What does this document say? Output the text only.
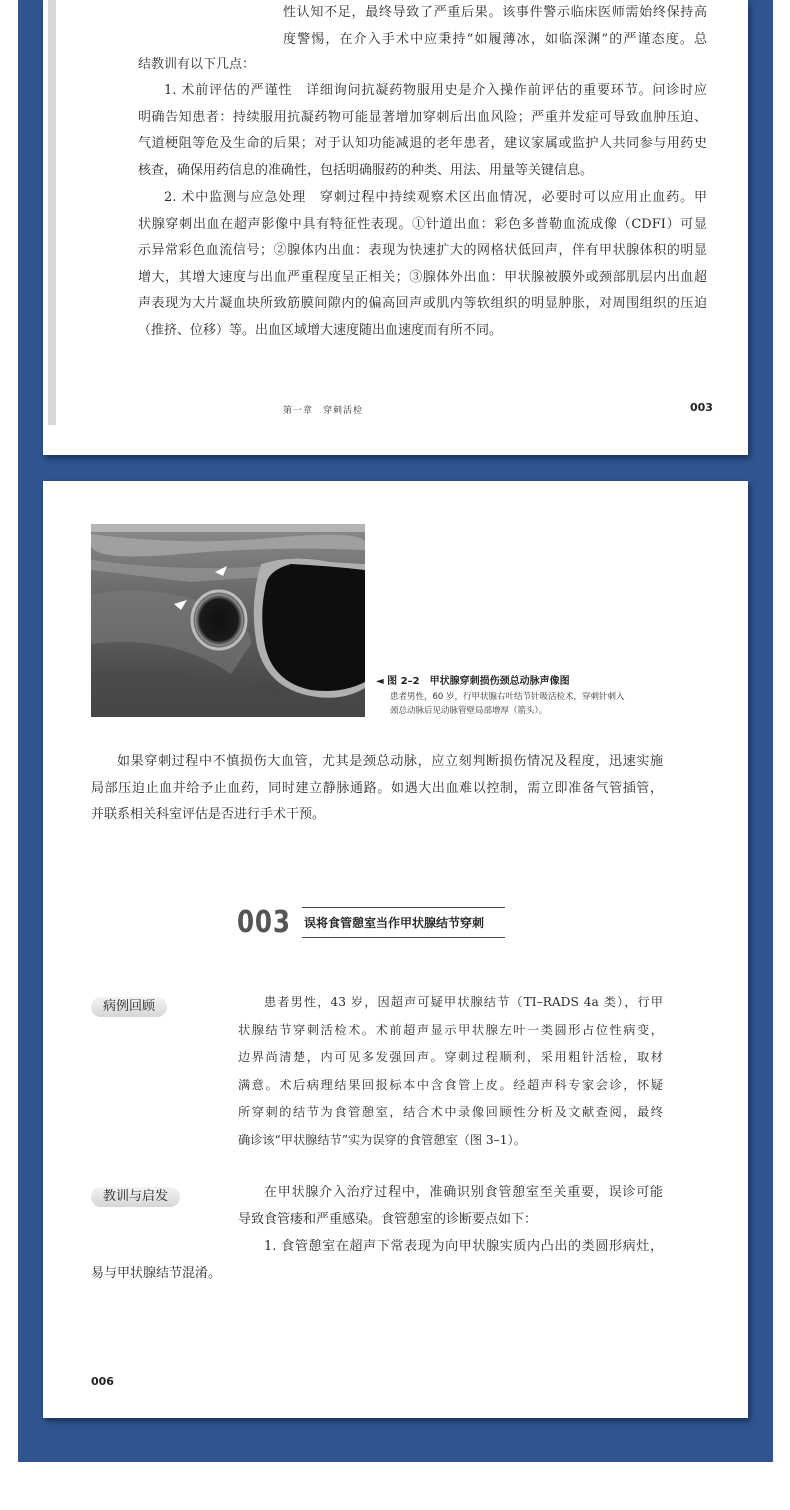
性认知不足，最终导致了严重后果。该事件警示临床医师需始终保持高
度警惕，在介入手术中应秉持“如履薄冰，如临深渊”的严谨态度。总
结教训有以下几点：
1. 术前评估的严谨性　详细询问抗凝药物服用史是介入操作前评估的重要环节。问诊时应
明确告知患者：持续服用抗凝药物可能显著增加穿刺后出血风险；严重并发症可导致血肿压迫、
气道梗阻等危及生命的后果；对于认知功能减退的老年患者，建议家属或监护人共同参与用药史
核查，确保用药信息的准确性，包括明确服药的种类、用法、用量等关键信息。
2. 术中监测与应急处理　穿刺过程中持续观察术区出血情况，必要时可以应用止血药。甲
状腺穿刺出血在超声影像中具有特征性表现。①针道出血：彩色多普勒血流成像（CDFI）可显
示异常彩色血流信号；②腺体内出血：表现为快速扩大的网格状低回声，伴有甲状腺体积的明显
增大，其增大速度与出血严重程度呈正相关；③腺体外出血：甲状腺被膜外或颈部肌层内出血超
声表现为大片凝血块所致筋膜间隙内的偏高回声或肌内等软组织的明显肿胀，对周围组织的压迫
（推挤、位移）等。出血区域增大速度随出血速度而有所不同。
第一章　穿刺活检	003
◄ 图 2–2　甲状腺穿刺损伤颈总动脉声像图
患者男性，60 岁，行甲状腺右叶结节针吸活检术，穿刺针刺入
颈总动脉后见动脉管壁局部增厚（箭头）。
如果穿刺过程中不慎损伤大血管，尤其是颈总动脉，应立刻判断损伤情况及程度，迅速实施
局部压迫止血并给予止血药，同时建立静脉通路。如遇大出血难以控制，需立即准备气管插管，
并联系相关科室评估是否进行手术干预。
003 误将食管憩室当作甲状腺结节穿刺
病例回顾	患者男性，43 岁，因超声可疑甲状腺结节（TI–RADS 4a 类），行甲
状腺结节穿刺活检术。术前超声显示甲状腺左叶一类圆形占位性病变，
边界尚清楚，内可见多发强回声。穿刺过程顺利，采用粗针活检，取材
满意。术后病理结果回报标本中含食管上皮。经超声科专家会诊，怀疑
所穿刺的结节为食管憩室，结合术中录像回顾性分析及文献查阅，最终
确诊该“甲状腺结节”实为误穿的食管憩室（图 3–1）。
教训与启发	在甲状腺介入治疗过程中，准确识别食管憩室至关重要，误诊可能
导致食管瘘和严重感染。食管憩室的诊断要点如下：
1. 食管憩室在超声下常表现为向甲状腺实质内凸出的类圆形病灶，
易与甲状腺结节混淆。
006
